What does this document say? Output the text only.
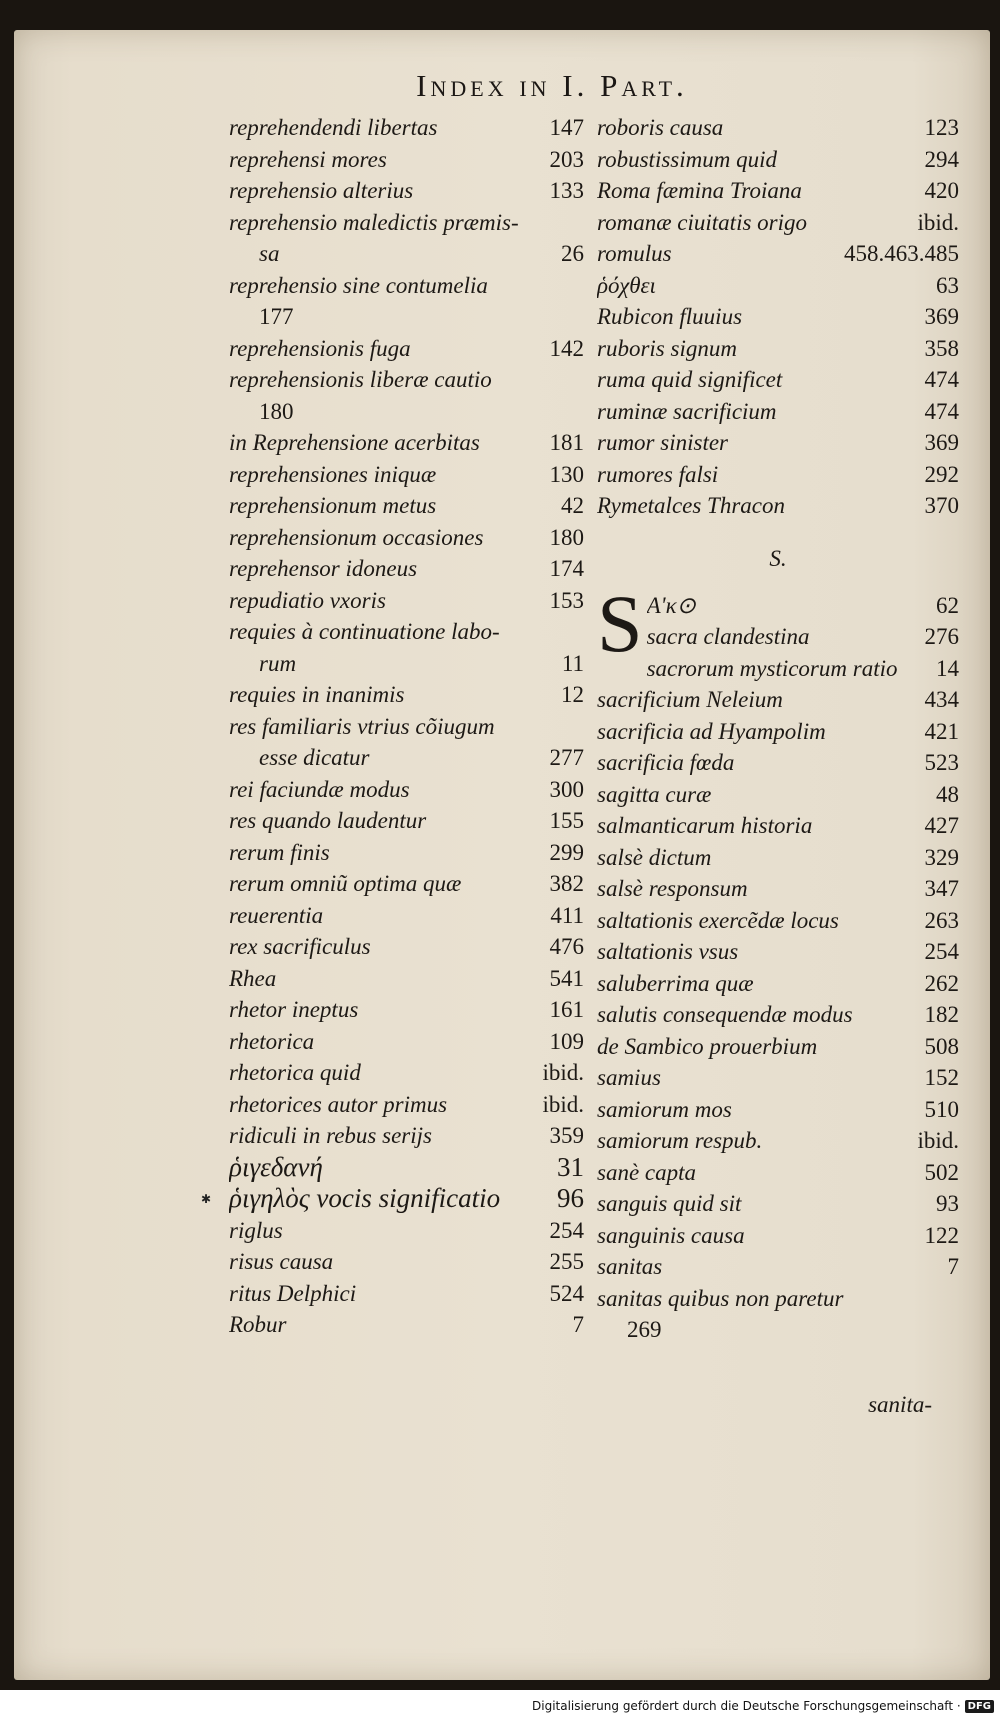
Index in I. Part.
reprehendendi libertas	147
reprehensi mores	203
reprehensio alterius	133
reprehensio maledictis præmis-
sa	26
reprehensio sine contumelia
177
reprehensionis fuga	142
reprehensionis liberæ cautio
180
in Reprehensione acerbitas	181
reprehensiones iniquæ	130
reprehensionum metus	42
reprehensionum occasiones	180
reprehensor idoneus	174
repudiatio vxoris	153
requies à continuatione labo-
rum	11
requies in inanimis	12
res familiaris vtrius cõiugum
esse dicatur	277
rei faciundæ modus	300
res quando laudentur	155
rerum finis	299
rerum omniũ optima quæ	382
reuerentia	411
rex sacrificulus	476
Rhea	541
rhetor ineptus	161
rhetorica	109
rhetorica quid	ibid.
rhetorices autor primus	ibid.
ridiculi in rebus serijs	359
ῥιγεδανή	31
ῥιγηλὸς vocis significatio	96
riglus	254
risus causa	255
ritus Delphici	524
Robur	7
roboris causa	123
robustissimum quid	294
Roma fæmina Troiana	420
romanæ ciuitatis origo	ibid.
romulus	458.463.485
ῥόχθει	63
Rubicon fluuius	369
ruboris signum	358
ruma quid significet	474
ruminæ sacrificium	474
rumor sinister	369
rumores falsi	292
Rymetalces Thracon	370
S.
S Α'κ⊙	62
sacra clandestina	276
sacrorum mysticorum ratio	14
sacrificium Neleium	434
sacrificia ad Hyampolim	421
sacrificia fœda	523
sagitta curæ	48
salmanticarum historia	427
salsè dictum	329
salsè responsum	347
saltationis exercẽdæ locus	263
saltationis vsus	254
saluberrima quæ	262
salutis consequendæ modus	182
de Sambico prouerbium	508
samius	152
samiorum mos	510
samiorum respub.	ibid.
sanè capta	502
sanguis quid sit	93
sanguinis causa	122
sanitas	7
sanitas quibus non paretur
269
sanita-
✱
Digitalisierung gefördert durch die Deutsche Forschungsgemeinschaft · DFG
